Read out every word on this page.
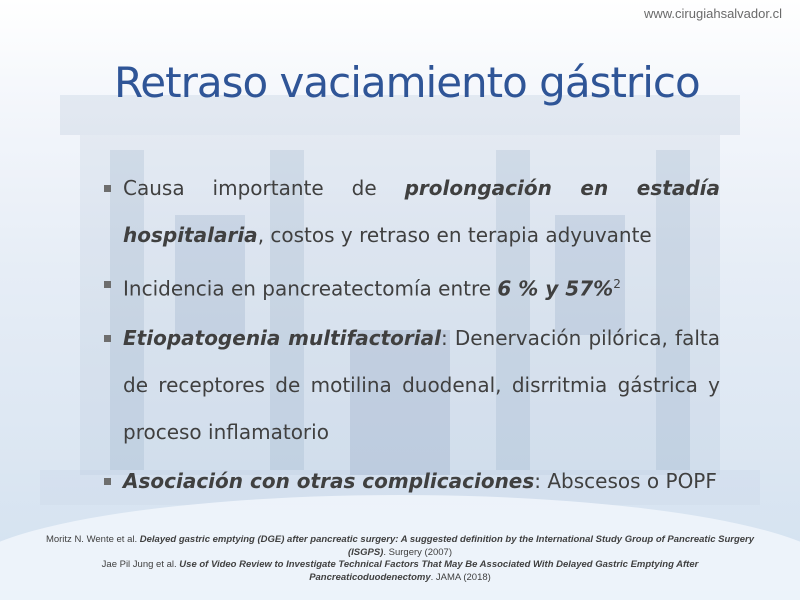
www.cirugiahsalvador.cl
Retraso vaciamiento gástrico
Causa importante de prolongación en estadía hospitalaria, costos y retraso en terapia adyuvante
Incidencia en pancreatectomía entre 6 % y 57%$^2$
Etiopatogenia multifactorial: Denervación pilórica, falta de receptores de motilina duodenal, disrritmia gástrica y proceso inflamatorio
Asociación con otras complicaciones: Abscesos o POPF
Moritz N. Wente et al. Delayed gastric emptying (DGE) after pancreatic surgery: A suggested definition by the International Study Group of Pancreatic Surgery (ISGPS). Surgery (2007)
Jae Pil Jung et al. Use of Video Review to Investigate Technical Factors That May Be Associated With Delayed Gastric Emptying After Pancreaticoduodenectomy. JAMA (2018)
